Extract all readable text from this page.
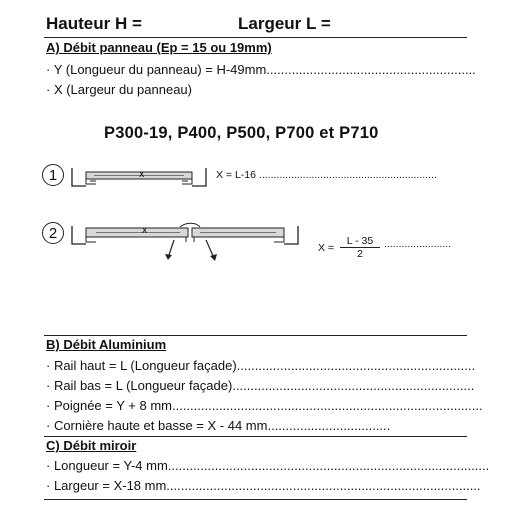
Hauteur H =	Largeur L =
A) Débit panneau (Ep = 15 ou 19mm)
· Y (Longueur du panneau) = H-49mm..........................................................
· X (Largeur du panneau)
P300-19, P400, P500, P700 et P710
1	x	X = L-16 .............................................................
2	x
X =
L - 35
2
.......................
B) Débit Aluminium
· Rail haut = L (Longueur façade)..................................................................
· Rail bas = L (Longueur façade)...................................................................
· Poignée = Y + 8 mm......................................................................................
· Cornière haute et basse = X - 44 mm..................................
C) Débit miroir
· Longueur = Y-4 mm.........................................................................................
· Largeur = X-18 mm.......................................................................................
